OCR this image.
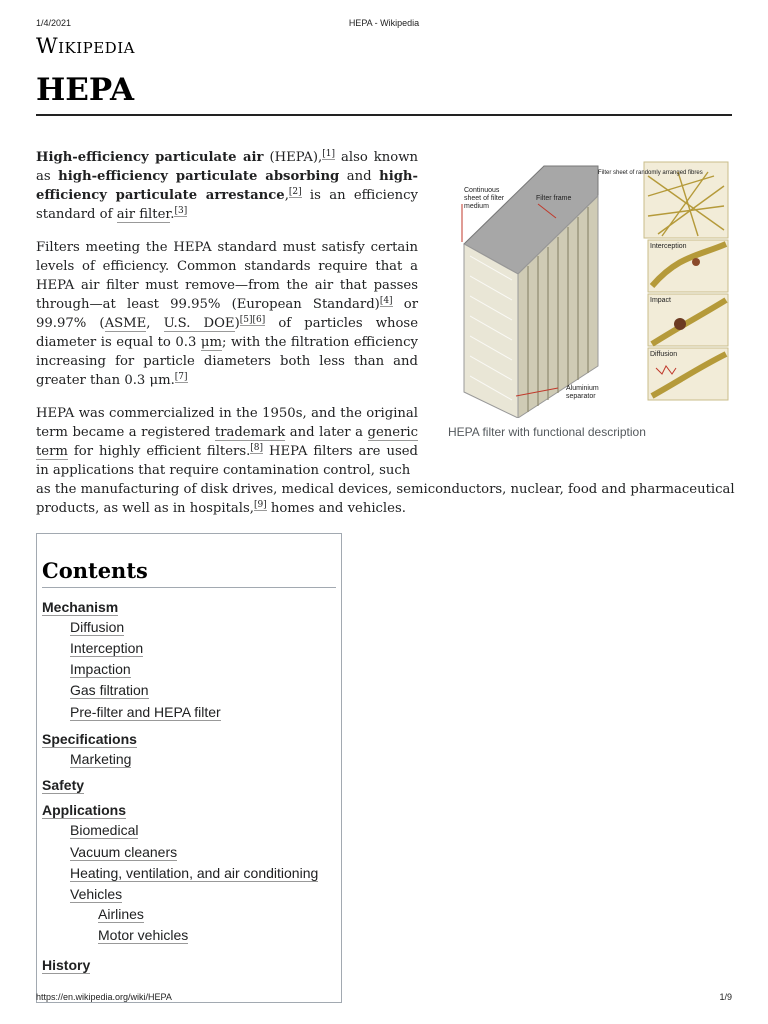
1/4/2021	HEPA - Wikipedia
Wikipedia
HEPA

High-efficiency particulate air (HEPA),[1] also known as high-efficiency particulate absorbing and high-efficiency particulate arrestance,[2] is an efficiency standard of air filter.[3]

Filters meeting the HEPA standard must satisfy certain levels of efficiency. Common standards require that a HEPA air filter must remove—from the air that passes through—at least 99.95% (European Standard)[4] or 99.97% (ASME, U.S. DOE)[5][6] of particles whose diameter is equal to 0.3 μm; with the filtration efficiency increasing for particle diameters both less than and greater than 0.3 μm.[7]

HEPA was commercialized in the 1950s, and the original term became a registered trademark and later a generic term for highly efficient filters.[8] HEPA filters are used in applications that require contamination control, such

as the manufacturing of disk drives, medical devices, semiconductors, nuclear, food and pharmaceutical products, as well as in hospitals,[9] homes and vehicles.

Continuous
sheet of filter
medium
Filter frame
Filter sheet of randomly arranged fibres
Interception
Impact
Diffusion
Aluminium
separator
HEPA filter with functional description
Contents
Mechanism
Diffusion
Interception
Impaction
Gas filtration
Pre-filter and HEPA filter
Specifications
Marketing
Safety
Applications
Biomedical
Vacuum cleaners
Heating, ventilation, and air conditioning
Vehicles
Airlines
Motor vehicles
History
https://en.wikipedia.org/wiki/HEPA	1/9
